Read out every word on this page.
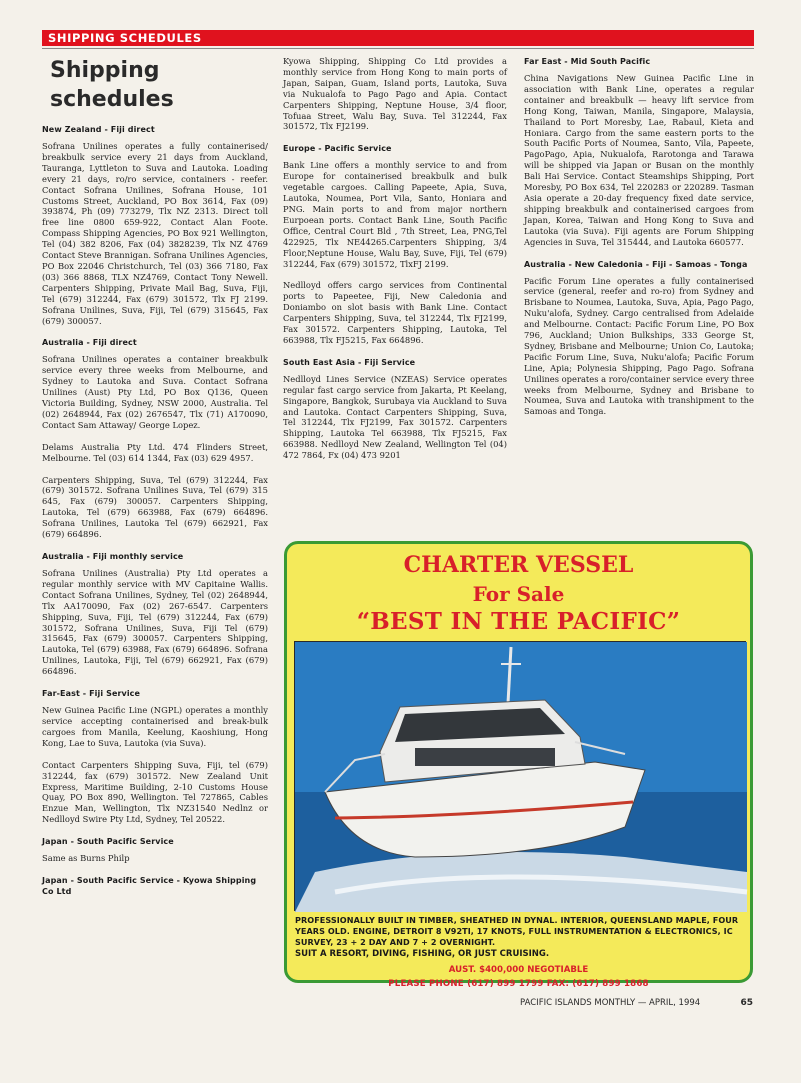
SHIPPING SCHEDULES
Shipping
schedules
New Zealand - Fiji direct
Sofrana Unilines operates a fully containerised/ breakbulk service every 21 days from Auckland, Tauranga, Lyttleton to Suva and Lautoka. Loading every 21 days, ro/ro service, containers - reefer. Contact Sofrana Unilines, Sofrana House, 101 Customs Street, Auckland, PO Box 3614, Fax (09) 393874, Ph (09) 773279, Tlx NZ 2313. Direct toll free line 0800 659-922, Contact Alan Foote. Compass Shipping Agencies, PO Box 921 Wellington, Tel (04) 382 8206, Fax (04) 3828239, Tlx NZ 4769 Contact Steve Brannigan. Sofrana Unilines Agencies, PO Box 22046 Christchurch, Tel (03) 366 7180, Fax (03) 366 8868, TLX NZ4769, Contact Tony Newell. Carpenters Shipping, Private Mail Bag, Suva, Fiji, Tel (679) 312244, Fax (679) 301572, Tlx FJ 2199. Sofrana Unilines, Suva, Fiji, Tel (679) 315645, Fax (679) 300057.
Australia - Fiji direct
Sofrana Unilines operates a container breakbulk service every three weeks from Melbourne, and Sydney to Lautoka and Suva. Contact Sofrana Unilines (Aust) Pty Ltd, PO Box Q136, Queen Victoria Building, Sydney, NSW 2000, Australia. Tel (02) 2648944, Fax (02) 2676547, Tlx (71) A170090, Contact Sam Attaway/ George Lopez.
Delams Australia Pty Ltd. 474 Flinders Street, Melbourne. Tel (03) 614 1344, Fax (03) 629 4957.
Carpenters Shipping, Suva, Tel (679) 312244, Fax (679) 301572. Sofrana Unilines Suva, Tel (679) 315 645, Fax (679) 300057. Carpenters Shipping, Lautoka, Tel (679) 663988, Fax (679) 664896. Sofrana Unilines, Lautoka Tel (679) 662921, Fax (679) 664896.
Australia - Fiji monthly service
Sofrana Unilines (Australia) Pty Ltd operates a regular monthly service with MV Capitaine Wallis. Contact Sofrana Unilines, Sydney, Tel (02) 2648944, Tlx AA170090, Fax (02) 267-6547. Carpenters Shipping, Suva, Fiji, Tel (679) 312244, Fax (679) 301572, Sofrana Unilines, Suva, Fiji Tel (679) 315645, Fax (679) 300057. Carpenters Shipping, Lautoka, Tel (679) 63988, Fax (679) 664896. Sofrana Unilines, Lautoka, Fiji, Tel (679) 662921, Fax (679) 664896.
Far-East - Fiji Service
New Guinea Pacific Line (NGPL) operates a monthly service accepting containerised and break-bulk cargoes from Manila, Keelung, Kaoshiung, Hong Kong, Lae to Suva, Lautoka (via Suva).
Contact Carpenters Shipping Suva, Fiji, tel (679) 312244, fax (679) 301572. New Zealand Unit Express, Maritime Building, 2-10 Customs House Quay, PO Box 890, Wellington. Tel 727865, Cables Enzue Man, Wellington, Tlx NZ31540 Nedlnz or Nedlloyd Swire Pty Ltd, Sydney, Tel 20522.
Japan - South Pacific Service
Same as Burns Philp
Japan - South Pacific Service - Kyowa Shipping Co Ltd
Kyowa Shipping, Shipping Co Ltd provides a monthly service from Hong Kong to main ports of Japan, Saipan, Guam, Island ports, Lautoka, Suva via Nukualofa to Pago Pago and Apia. Contact Carpenters Shipping, Neptune House, 3/4 floor, Tofuaa Street, Walu Bay, Suva. Tel 312244, Fax 301572, Tlx FJ2199.
Europe - Pacific Service
Bank Line offers a monthly service to and from Europe for containerised breakbulk and bulk vegetable cargoes. Calling Papeete, Apia, Suva, Lautoka, Noumea, Port Vila, Santo, Honiara and PNG. Main ports to and from major northern Eurpoean ports. Contact Bank Line, South Pacific Office, Central Court Bld , 7th Street, Lea, PNG,Tel 422925, Tlx NE44265.Carpenters Shipping, 3/4 Floor,Neptune House, Walu Bay, Suve, Fiji, Tel (679) 312244, Fax (679) 301572, TlxFJ 2199.
Nedlloyd offers cargo services from Continental ports to Papeetee, Fiji, New Caledonia and Doniambo on slot basis with Bank Line. Contact Carpenters Shipping, Suva, tel 312244, Tlx FJ2199, Fax 301572. Carpenters Shipping, Lautoka, Tel 663988, Tlx FJ5215, Fax 664896.
South East Asia - Fiji Service
Nedlloyd Lines Service (NZEAS) Service operates regular fast cargo service from Jakarta, Pt Keelang, Singapore, Bangkok, Surubaya via Auckland to Suva and Lautoka. Contact Carpenters Shipping, Suva, Tel 312244, Tlx FJ2199, Fax 301572. Carpenters Shipping, Lautoka Tel 663988, Tlx FJ5215, Fax 663988. Nedlloyd New Zealand, Wellington Tel (04) 472 7864, Fx (04) 473 9201
Far East - Mid South Pacific
China Navigations New Guinea Pacific Line in association with Bank Line, operates a regular container and breakbulk — heavy lift service from Hong Kong, Taiwan, Manila, Singapore, Malaysia, Thailand to Port Moresby, Lae, Rabaul, Kieta and Honiara. Cargo from the same eastern ports to the South Pacific Ports of Noumea, Santo, Vila, Papeete, PagoPago, Apia, Nukualofa, Rarotonga and Tarawa will be shipped via Japan or Busan on the monthly Bali Hai Service. Contact Steamships Shipping, Port Moresby, PO Box 634, Tel 220283 or 220289. Tasman Asia operate a 20-day frequency fixed date service, shipping breakbulk and containerised cargoes from Japan, Korea, Taiwan and Hong Kong to Suva and Lautoka (via Suva). Fiji agents are Forum Shipping Agencies in Suva, Tel 315444, and Lautoka 660577.
Australia - New Caledonia - Fiji - Samoas - Tonga
Pacific Forum Line operates a fully containerised service (general, reefer and ro-ro) from Sydney and Brisbane to Noumea, Lautoka, Suva, Apia, Pago Pago, Nuku'alofa, Sydney. Cargo centralised from Adelaide and Melbourne. Contact: Pacific Forum Line, PO Box 796, Auckland; Union Bulkships, 333 George St, Sydney, Brisbane and Melbourne; Union Co, Lautoka; Pacific Forum Line, Suva, Nuku'alofa; Pacific Forum Line, Apia; Polynesia Shipping, Pago Pago. Sofrana Unilines operates a roro/container service every three weeks from Melbourne, Sydney and Brisbane to Noumea, Suva and Lautoka with transhipment to the Samoas and Tonga.
CHARTER VESSEL
For Sale
“BEST IN THE PACIFIC”
PROFESSIONALLY BUILT IN TIMBER, SHEATHED IN DYNAL. INTERIOR, QUEENSLAND MAPLE, FOUR YEARS OLD. ENGINE, DETROIT 8 V92TI, 17 KNOTS, FULL INSTRUMENTATION & ELECTRONICS, IC SURVEY, 23 + 2 DAY AND 7 + 2 OVERNIGHT.
SUIT A RESORT, DIVING, FISHING, OR JUST CRUISING.
AUST. $400,000 NEGOTIABLE
PLEASE PHONE (617) 899 1799 FAX: (617) 899 1868
PACIFIC ISLANDS MONTHLY — APRIL, 1994	65
